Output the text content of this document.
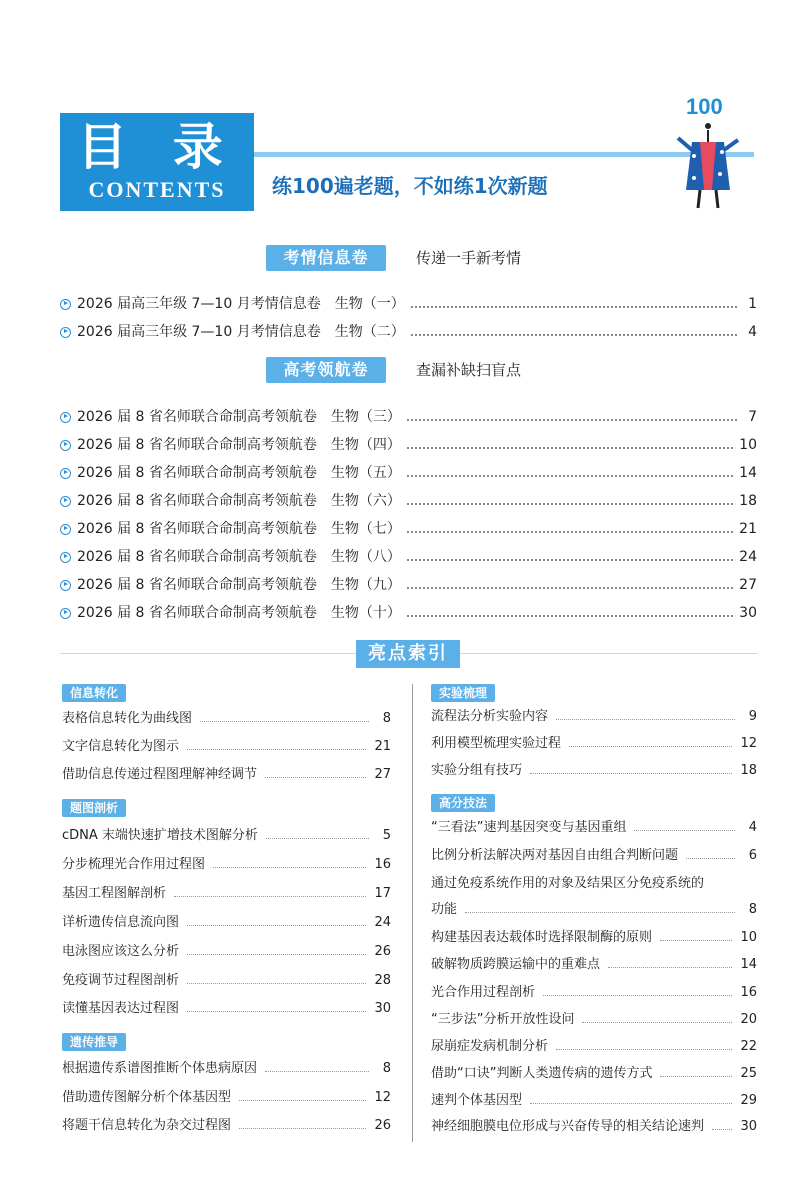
目 录
CONTENTS	练100遍老题，不如练1次新题
100
考情信息卷	传递一手新考情
2026 届高三年级 7—10 月考情信息卷　生物（一）	1
2026 届高三年级 7—10 月考情信息卷　生物（二）	4
高考领航卷	查漏补缺扫盲点
2026 届 8 省名师联合命制高考领航卷　生物（三）	7
2026 届 8 省名师联合命制高考领航卷　生物（四）	10
2026 届 8 省名师联合命制高考领航卷　生物（五）	14
2026 届 8 省名师联合命制高考领航卷　生物（六）	18
2026 届 8 省名师联合命制高考领航卷　生物（七）	21
2026 届 8 省名师联合命制高考领航卷　生物（八）	24
2026 届 8 省名师联合命制高考领航卷　生物（九）	27
2026 届 8 省名师联合命制高考领航卷　生物（十）	30
亮点索引
信息转化
表格信息转化为曲线图	8
文字信息转化为图示	21
借助信息传递过程图理解神经调节	27
题图剖析
cDNA 末端快速扩增技术图解分析	5
分步梳理光合作用过程图	16
基因工程图解剖析	17
详析遗传信息流向图	24
电泳图应该这么分析	26
免疫调节过程图剖析	28
读懂基因表达过程图	30
遗传推导
根据遗传系谱图推断个体患病原因	8
借助遗传图解分析个体基因型	12
将题干信息转化为杂交过程图	26
实验梳理
流程法分析实验内容	9
利用模型梳理实验过程	12
实验分组有技巧	18
高分技法
“三看法”速判基因突变与基因重组	4
比例分析法解决两对基因自由组合判断问题	6
通过免疫系统作用的对象及结果区分免疫系统的
功能	8
构建基因表达载体时选择限制酶的原则	10
破解物质跨膜运输中的重难点	14
光合作用过程剖析	16
“三步法”分析开放性设问	20
尿崩症发病机制分析	22
借助“口诀”判断人类遗传病的遗传方式	25
速判个体基因型	29
神经细胞膜电位形成与兴奋传导的相关结论速判	30
